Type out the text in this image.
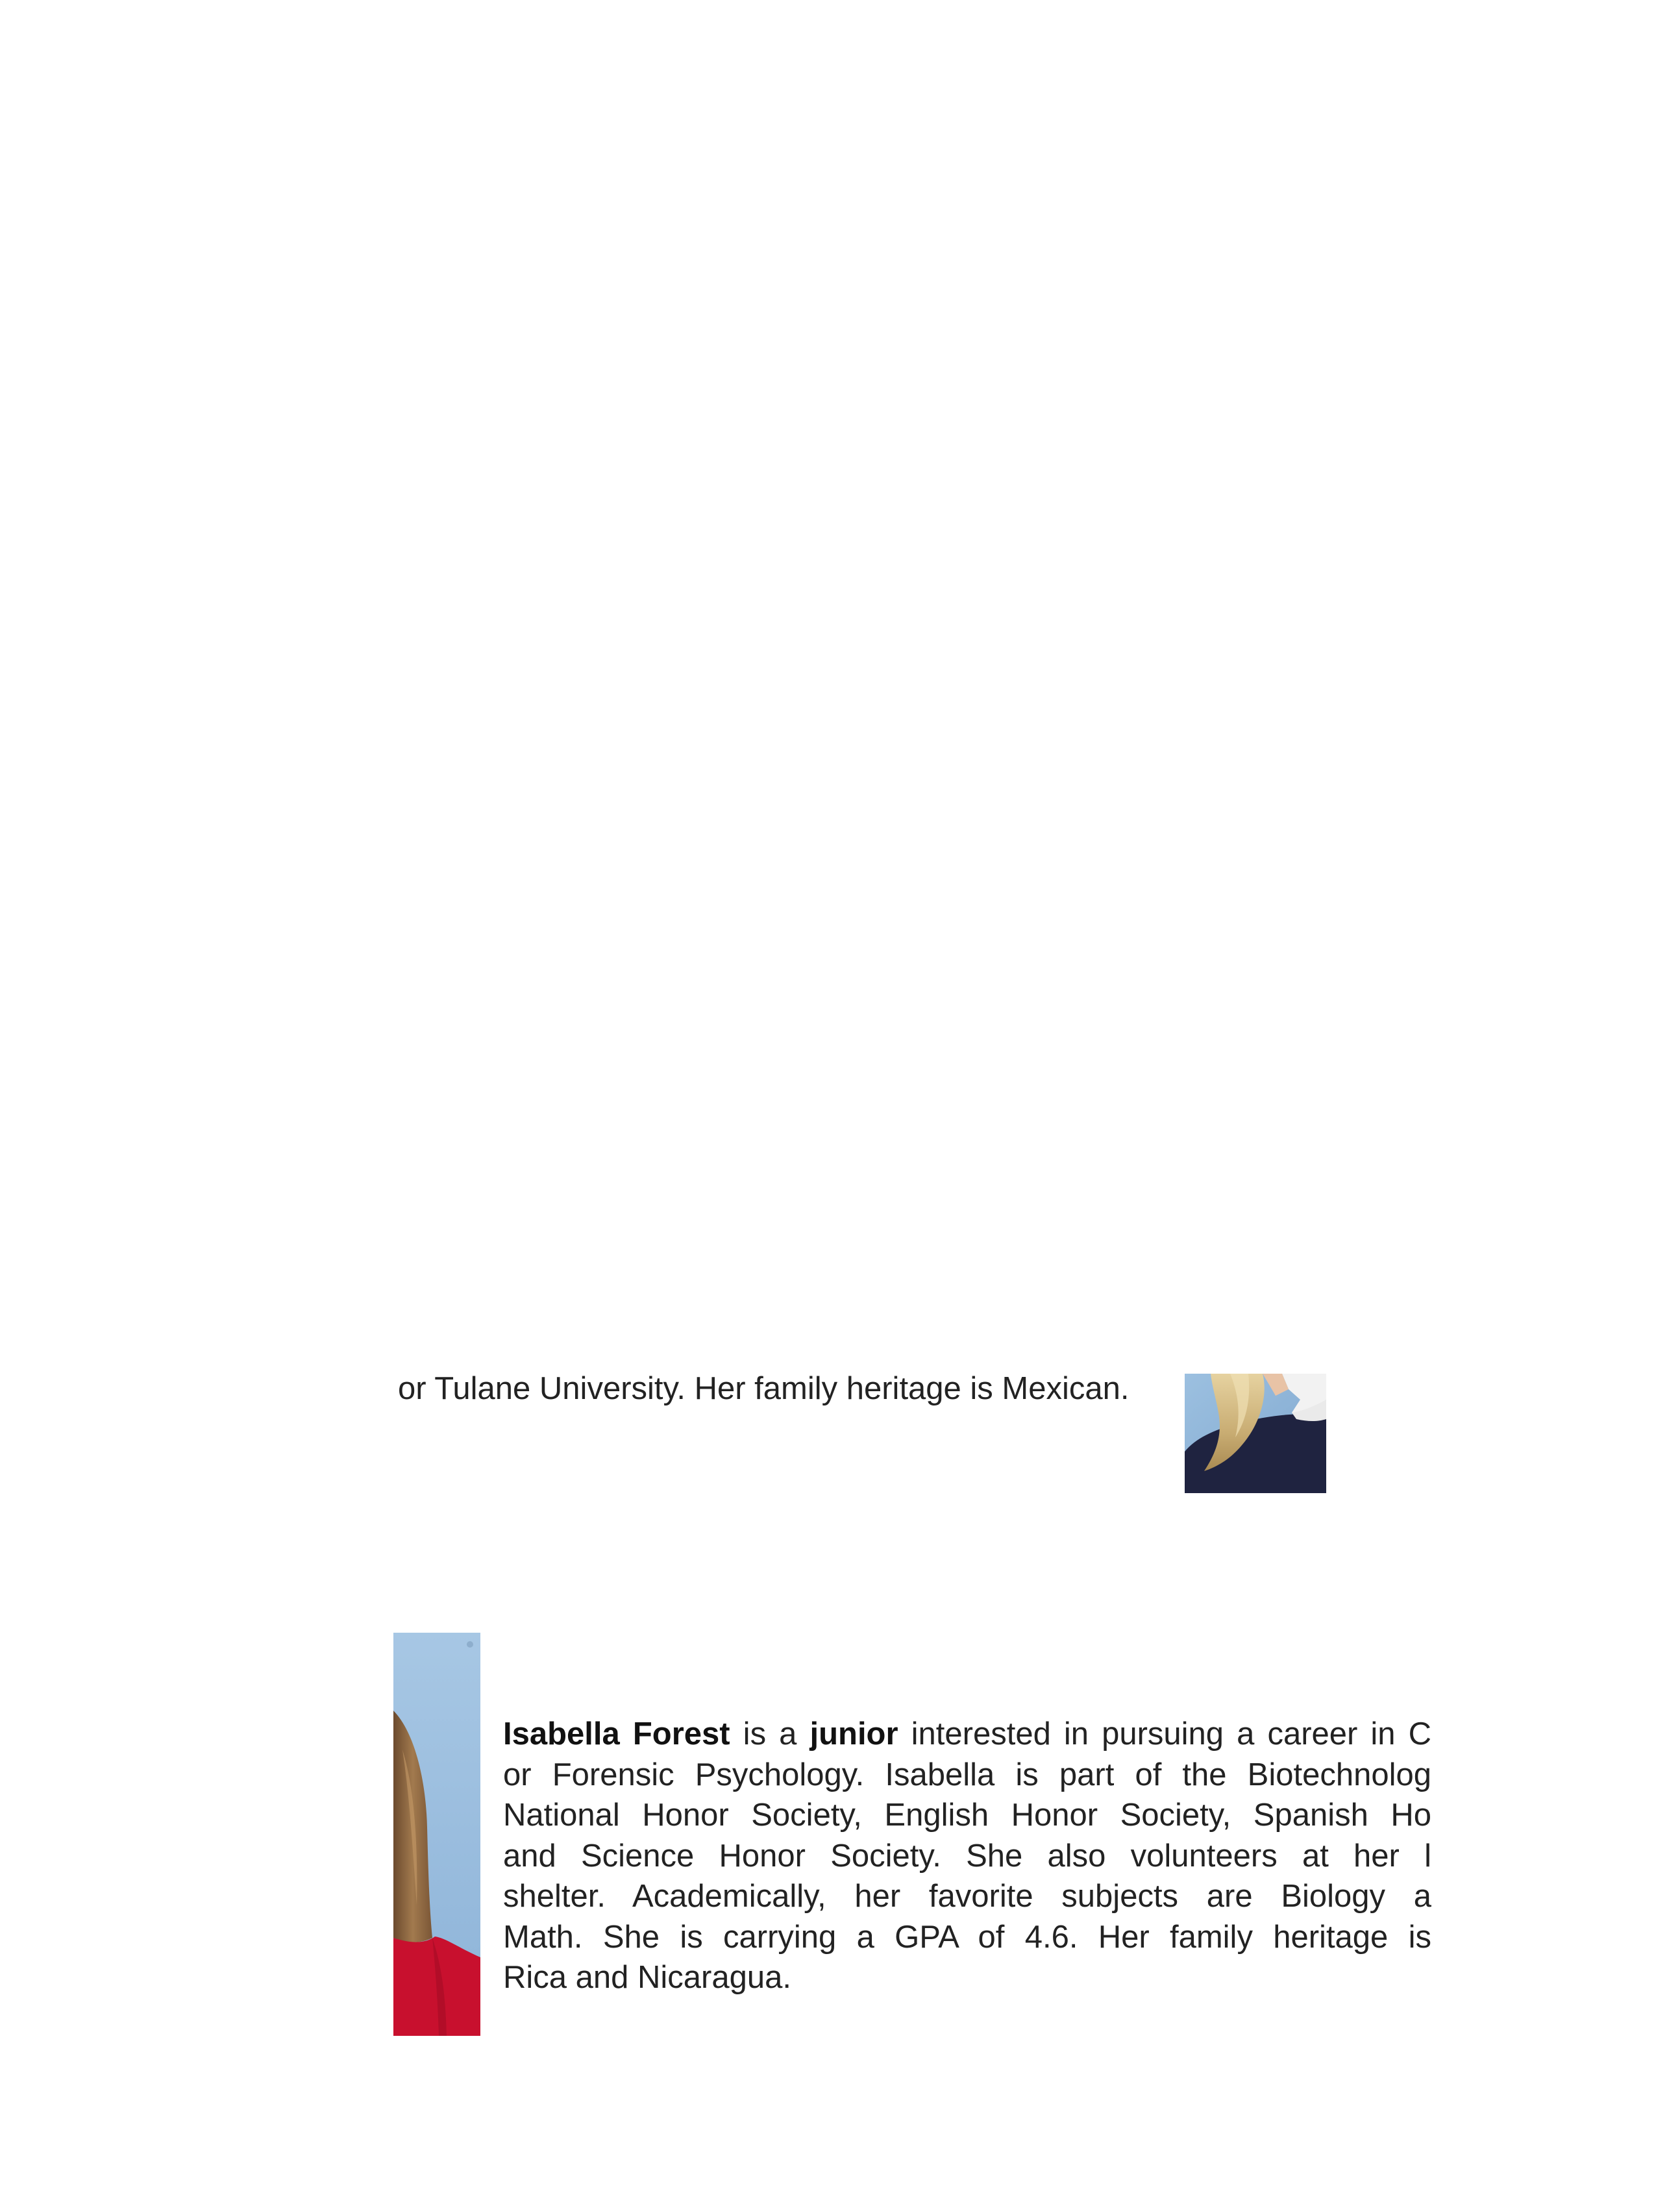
or Tulane University. Her family heritage is Mexican.
Isabella Forest is a junior interested in pursuing a career in C
or Forensic Psychology. Isabella is part of the Biotechnolog
National Honor Society, English Honor Society, Spanish Ho
and Science Honor Society. She also volunteers at her l
shelter. Academically, her favorite subjects are Biology a
Math. She is carrying a GPA of 4.6. Her family heritage is
Rica and Nicaragua.
